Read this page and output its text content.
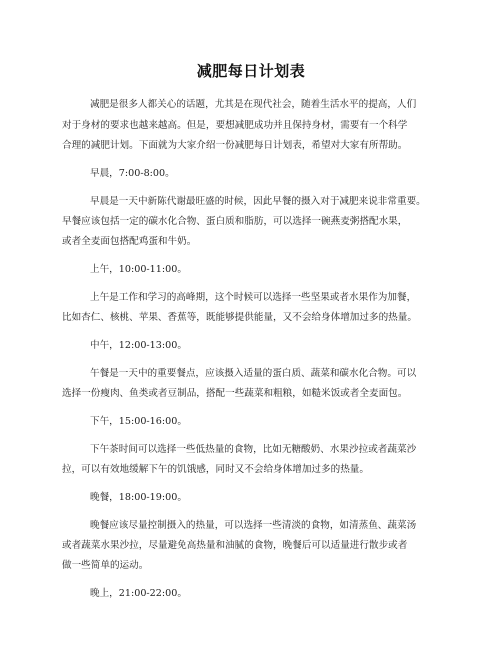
减肥每日计划表
减肥是很多人都关心的话题，尤其是在现代社会，随着生活水平的提高，人们
对于身材的要求也越来越高。但是，要想减肥成功并且保持身材，需要有一个科学
合理的减肥计划。下面就为大家介绍一份减肥每日计划表，希望对大家有所帮助。
早晨，7:00-8:00。
早晨是一天中新陈代谢最旺盛的时候，因此早餐的摄入对于减肥来说非常重要。
早餐应该包括一定的碳水化合物、蛋白质和脂肪，可以选择一碗燕麦粥搭配水果，
或者全麦面包搭配鸡蛋和牛奶。
上午，10:00-11:00。
上午是工作和学习的高峰期，这个时候可以选择一些坚果或者水果作为加餐，
比如杏仁、核桃、苹果、香蕉等，既能够提供能量，又不会给身体增加过多的热量。
中午，12:00-13:00。
午餐是一天中的重要餐点，应该摄入适量的蛋白质、蔬菜和碳水化合物。可以
选择一份瘦肉、鱼类或者豆制品，搭配一些蔬菜和粗粮，如糙米饭或者全麦面包。
下午，15:00-16:00。
下午茶时间可以选择一些低热量的食物，比如无糖酸奶、水果沙拉或者蔬菜沙
拉，可以有效地缓解下午的饥饿感，同时又不会给身体增加过多的热量。
晚餐，18:00-19:00。
晚餐应该尽量控制摄入的热量，可以选择一些清淡的食物，如清蒸鱼、蔬菜汤
或者蔬菜水果沙拉，尽量避免高热量和油腻的食物，晚餐后可以适量进行散步或者
做一些简单的运动。
晚上，21:00-22:00。
